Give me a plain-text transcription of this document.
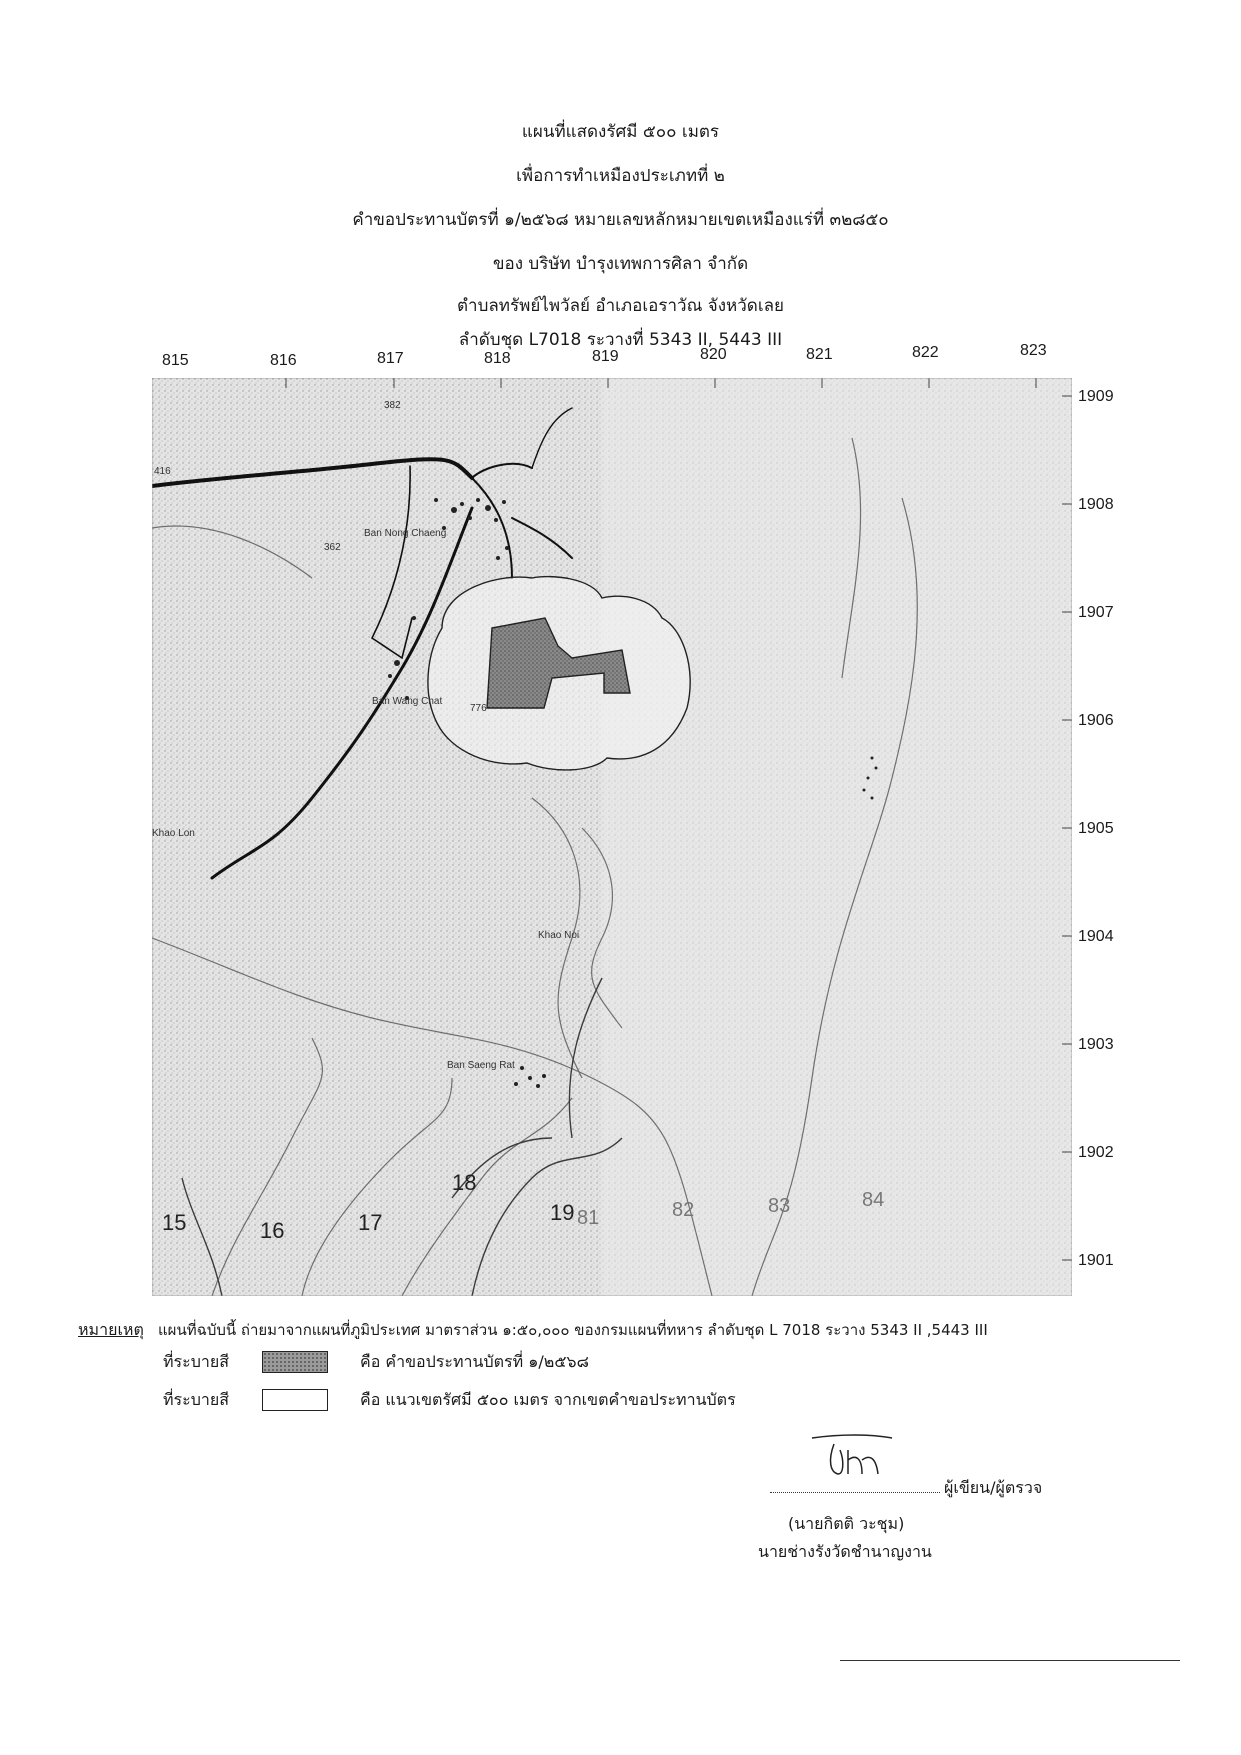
แผนที่แสดงรัศมี ๕๐๐ เมตร
เพื่อการทำเหมืองประเภทที่ ๒
คำขอประทานบัตรที่ ๑/๒๕๖๘ หมายเลขหลักหมายเขตเหมืองแร่ที่ ๓๒๘๕๐
ของ บริษัท บำรุงเทพการศิลา จำกัด
ตำบลทรัพย์ไพวัลย์ อำเภอเอราวัณ จังหวัดเลย
ลำดับชุด L7018 ระวางที่ 5343 II, 5443 III
815	816	817	818	819	820	821	822	823
1909
1908
1907
1906
1905
1904
1903
1902
1901
382
416
362
Ban Nong Chaeng
776
Ban Saeng Rat
Khao Noi
Ban Wang Chat
Khao Lon
15	16	17
18
19 81	82	83	84
หมายเหตุ แผนที่ฉบับนี้ ถ่ายมาจากแผนที่ภูมิประเทศ มาตราส่วน ๑:๕๐,๐๐๐ ของกรมแผนที่ทหาร ลำดับชุด L 7018 ระวาง 5343 II ,5443 III
ที่ระบายสี	คือ คำขอประทานบัตรที่ ๑/๒๕๖๘
ที่ระบายสี	คือ แนวเขตรัศมี ๕๐๐ เมตร จากเขตคำขอประทานบัตร
ผู้เขียน/ผู้ตรวจ
(นายกิตติ วะชุม)
นายช่างรังวัดชำนาญงาน
